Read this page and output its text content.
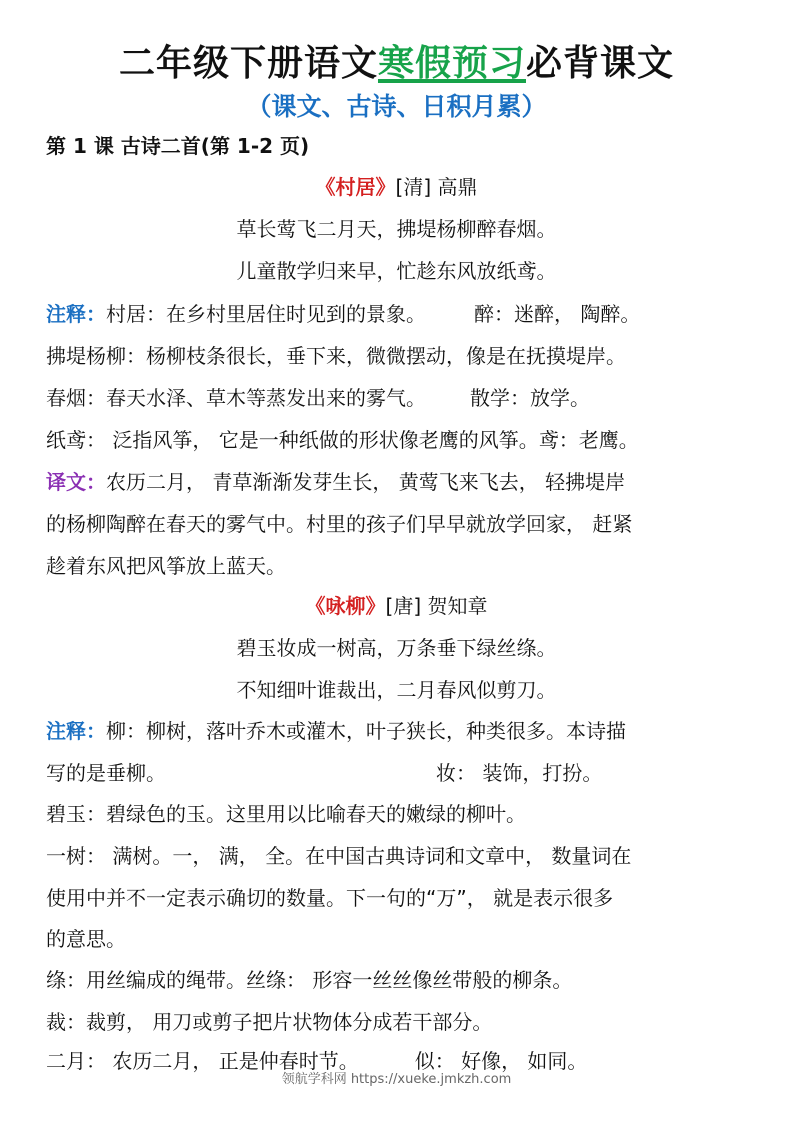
二年级下册语文寒假预习必背课文
（课文、古诗、日积月累）
第 1 课 古诗二首(第 1-2 页)
《村居》[清] 高鼎
草长莺飞二月天，拂堤杨柳醉春烟。
儿童散学归来早，忙趁东风放纸鸢。
注释：村居：在乡村里居住时见到的景象。 醉：迷醉， 陶醉。
拂堤杨柳：杨柳枝条很长，垂下来，微微摆动，像是在抚摸堤岸。
春烟：春天水泽、草木等蒸发出来的雾气。 散学：放学。
纸鸢： 泛指风筝， 它是一种纸做的形状像老鹰的风筝。鸢：老鹰。
译文：农历二月， 青草渐渐发芽生长， 黄莺飞来飞去， 轻拂堤岸
的杨柳陶醉在春天的雾气中。村里的孩子们早早就放学回家， 赶紧
趁着东风把风筝放上蓝天。
《咏柳》[唐] 贺知章
碧玉妆成一树高，万条垂下绿丝绦。
不知细叶谁裁出，二月春风似剪刀。
注释：柳：柳树，落叶乔木或灌木，叶子狭长，种类很多。本诗描
写的是垂柳。	妆： 装饰，打扮。
碧玉：碧绿色的玉。这里用以比喻春天的嫩绿的柳叶。
一树： 满树。一， 满， 全。在中国古典诗词和文章中， 数量词在
使用中并不一定表示确切的数量。下一句的“万”， 就是表示很多
的意思。
绦：用丝编成的绳带。丝绦： 形容一丝丝像丝带般的柳条。
裁：裁剪， 用刀或剪子把片状物体分成若干部分。
二月： 农历二月， 正是仲春时节。	似： 好像， 如同。
领航学科网 https://xueke.jmkzh.com
